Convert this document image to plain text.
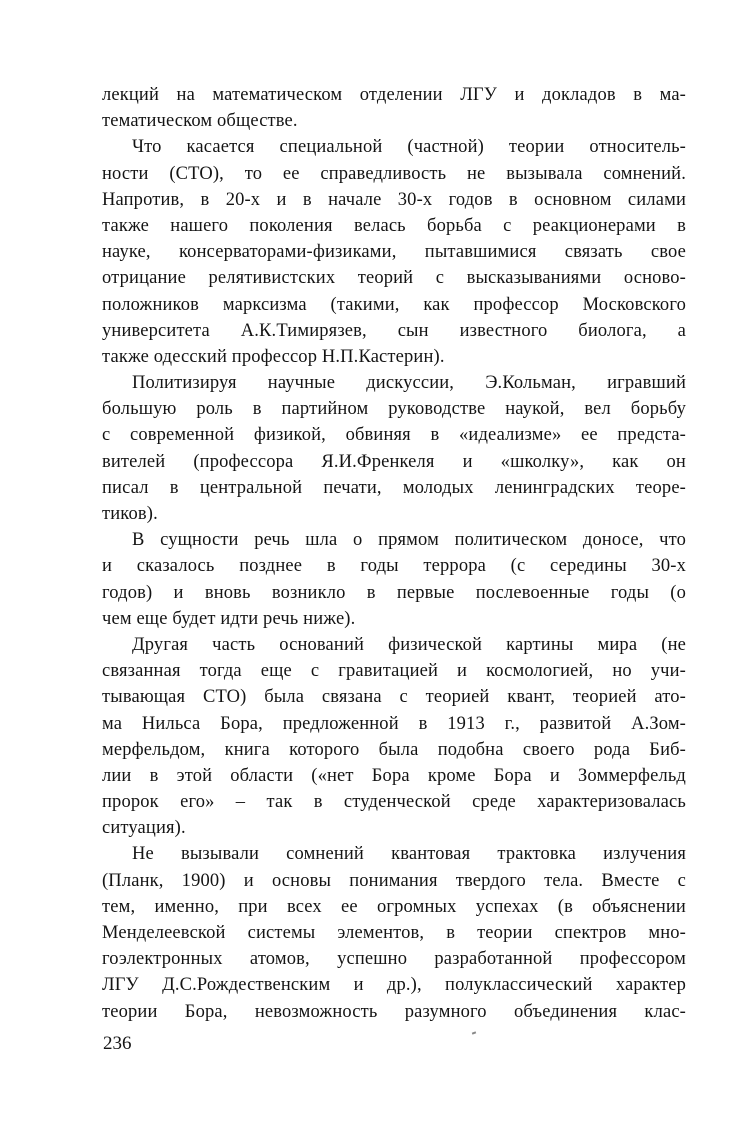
лекций на математическом отделении ЛГУ и докладов в ма-
тематическом обществе.
Что касается специальной (частной) теории относитель-
ности (СТО), то ее справедливость не вызывала сомнений.
Напротив, в 20-х и в начале 30-х годов в основном силами
также нашего поколения велась борьба с реакционерами в
науке, консерваторами-физиками, пытавшимися связать свое
отрицание релятивистских теорий с высказываниями осново-
положников марксизма (такими, как профессор Московского
университета А.К.Тимирязев, сын известного биолога, а
также одесский профессор Н.П.Кастерин).
Политизируя научные дискуссии, Э.Кольман, игравший
большую роль в партийном руководстве наукой, вел борьбу
с современной физикой, обвиняя в «идеализме» ее предста-
вителей (профессора Я.И.Френкеля и «школку», как он
писал в центральной печати, молодых ленинградских теоре-
тиков).
В сущности речь шла о прямом политическом доносе, что
и сказалось позднее в годы террора (с середины 30-х
годов) и вновь возникло в первые послевоенные годы (о
чем еще будет идти речь ниже).
Другая часть оснований физической картины мира (не
связанная тогда еще с гравитацией и космологией, но учи-
тывающая СТО) была связана с теорией квант, теорией ато-
ма Нильса Бора, предложенной в 1913 г., развитой А.Зом-
мерфельдом, книга которого была подобна своего рода Биб-
лии в этой области («нет Бора кроме Бора и Зоммерфельд
пророк его» – так в студенческой среде характеризовалась
ситуация).
Не вызывали сомнений квантовая трактовка излучения
(Планк, 1900) и основы понимания твердого тела. Вместе с
тем, именно, при всех ее огромных успехах (в объяснении
Менделеевской системы элементов, в теории спектров мно-
гоэлектронных атомов, успешно разработанной профессором
ЛГУ Д.С.Рождественским и др.), полуклассический характер
теории Бора, невозможность разумного объединения клас-
236
